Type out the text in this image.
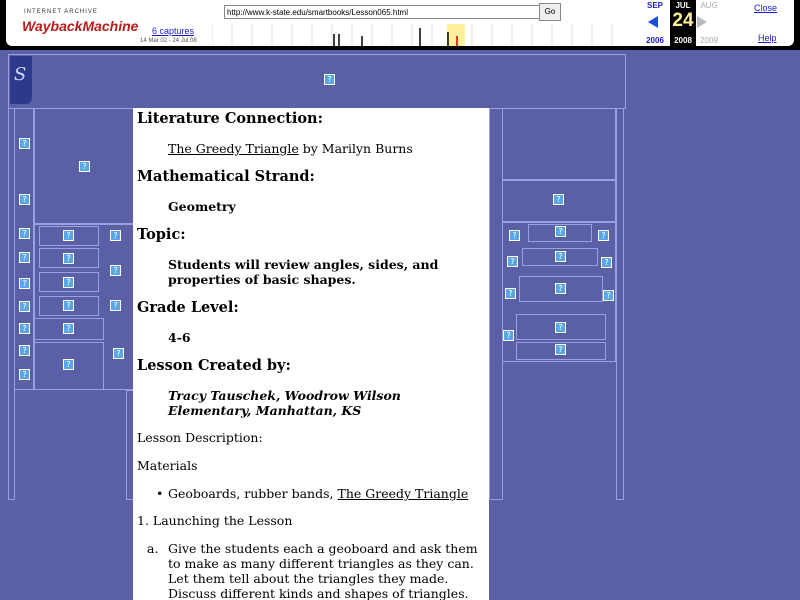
INTERNET ARCHIVE
WaybackMachine
http://www.k-state.edu/smartbooks/Lesson065.html
Go
6 captures
14 Mar 02 - 24 Jul 08
SEP
2006
JUL
24
2008
AUG
2009
Close
Help
S	?
?
?
?
?	?	?
?	?
?
?	?
?	?	?
?	?
?	?
?
?
?
?	?	?
?
?
?
?
?
?
?
?
?
Literature Connection:
The Greedy Triangle by Marilyn Burns
Mathematical Strand:
Geometry
Topic:
Students will review angles, sides, and
properties of basic shapes.
Grade Level:
4-6
Lesson Created by:
Tracy Tauschek, Woodrow Wilson
Elementary, Manhattan, KS
Lesson Description:
Materials
• Geoboards, rubber bands, The Greedy Triangle
1. Launching the Lesson
a. Give the students each a geoboard and ask them
to make as many different triangles as they can.
Let them tell about the triangles they made.
Discuss different kinds and shapes of triangles.
